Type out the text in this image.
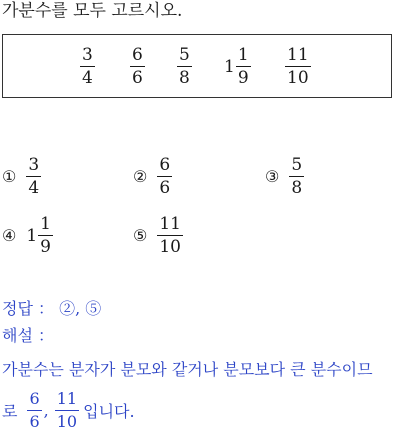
가분수를 모두 고르시오.
$\frac{3}{4} \frac{6}{6} \frac{5}{8} 1 \frac{1}{9} \frac{11}{10}$
① $\frac{3}{4}$	② $\frac{6}{6}$	③ $\frac{5}{8}$
④ $1 \frac{1}{9}$	⑤ $\frac{11}{10}$
정답 ： ②, ⑤
해설 ：
가분수는 분자가 분모와 같거나 분모보다 큰 분수이므
로 $\frac{6}{6}$ , $\frac{11}{10}$ 입니다.
